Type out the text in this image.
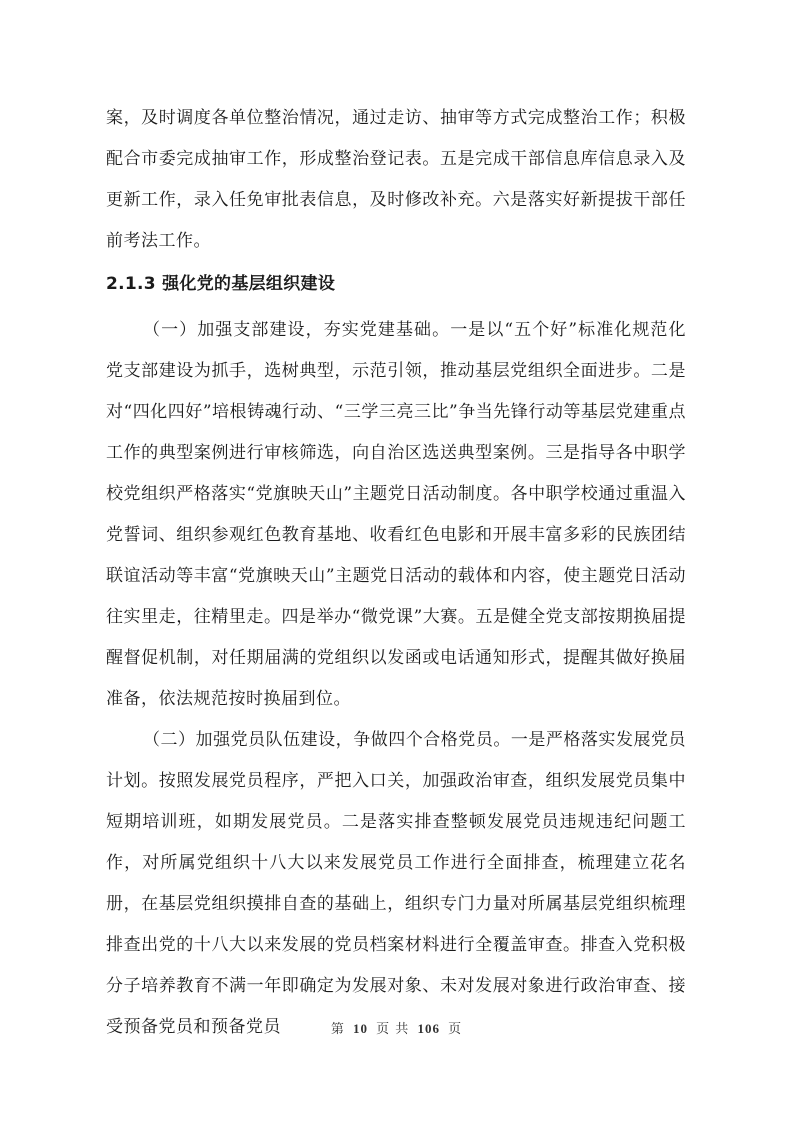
案，及时调度各单位整治情况，通过走访、抽审等方式完成整治工作；积极配合市委完成抽审工作，形成整治登记表。五是完成干部信息库信息录入及更新工作，录入任免审批表信息，及时修改补充。六是落实好新提拔干部任前考法工作。

2.1.3 强化党的基层组织建设

（一）加强支部建设，夯实党建基础。一是以“五个好”标准化规范化党支部建设为抓手，选树典型，示范引领，推动基层党组织全面进步。二是对“四化四好”培根铸魂行动、“三学三亮三比”争当先锋行动等基层党建重点工作的典型案例进行审核筛选，向自治区选送典型案例。三是指导各中职学校党组织严格落实“党旗映天山”主题党日活动制度。各中职学校通过重温入党誓词、组织参观红色教育基地、收看红色电影和开展丰富多彩的民族团结联谊活动等丰富“党旗映天山”主题党日活动的载体和内容，使主题党日活动往实里走，往精里走。四是举办“微党课”大赛。五是健全党支部按期换届提醒督促机制，对任期届满的党组织以发函或电话通知形式，提醒其做好换届准备，依法规范按时换届到位。

（二）加强党员队伍建设，争做四个合格党员。一是严格落实发展党员计划。按照发展党员程序，严把入口关，加强政治审查，组织发展党员集中短期培训班，如期发展党员。二是落实排查整顿发展党员违规违纪问题工作，对所属党组织十八大以来发展党员工作进行全面排查，梳理建立花名册，在基层党组织摸排自查的基础上，组织专门力量对所属基层党组织梳理排查出党的十八大以来发展的党员档案材料进行全覆盖审查。排查入党积极分子培养教育不满一年即确定为发展对象、未对发展对象进行政治审查、接受预备党员和预备党员	第 10 页 共 106 页
